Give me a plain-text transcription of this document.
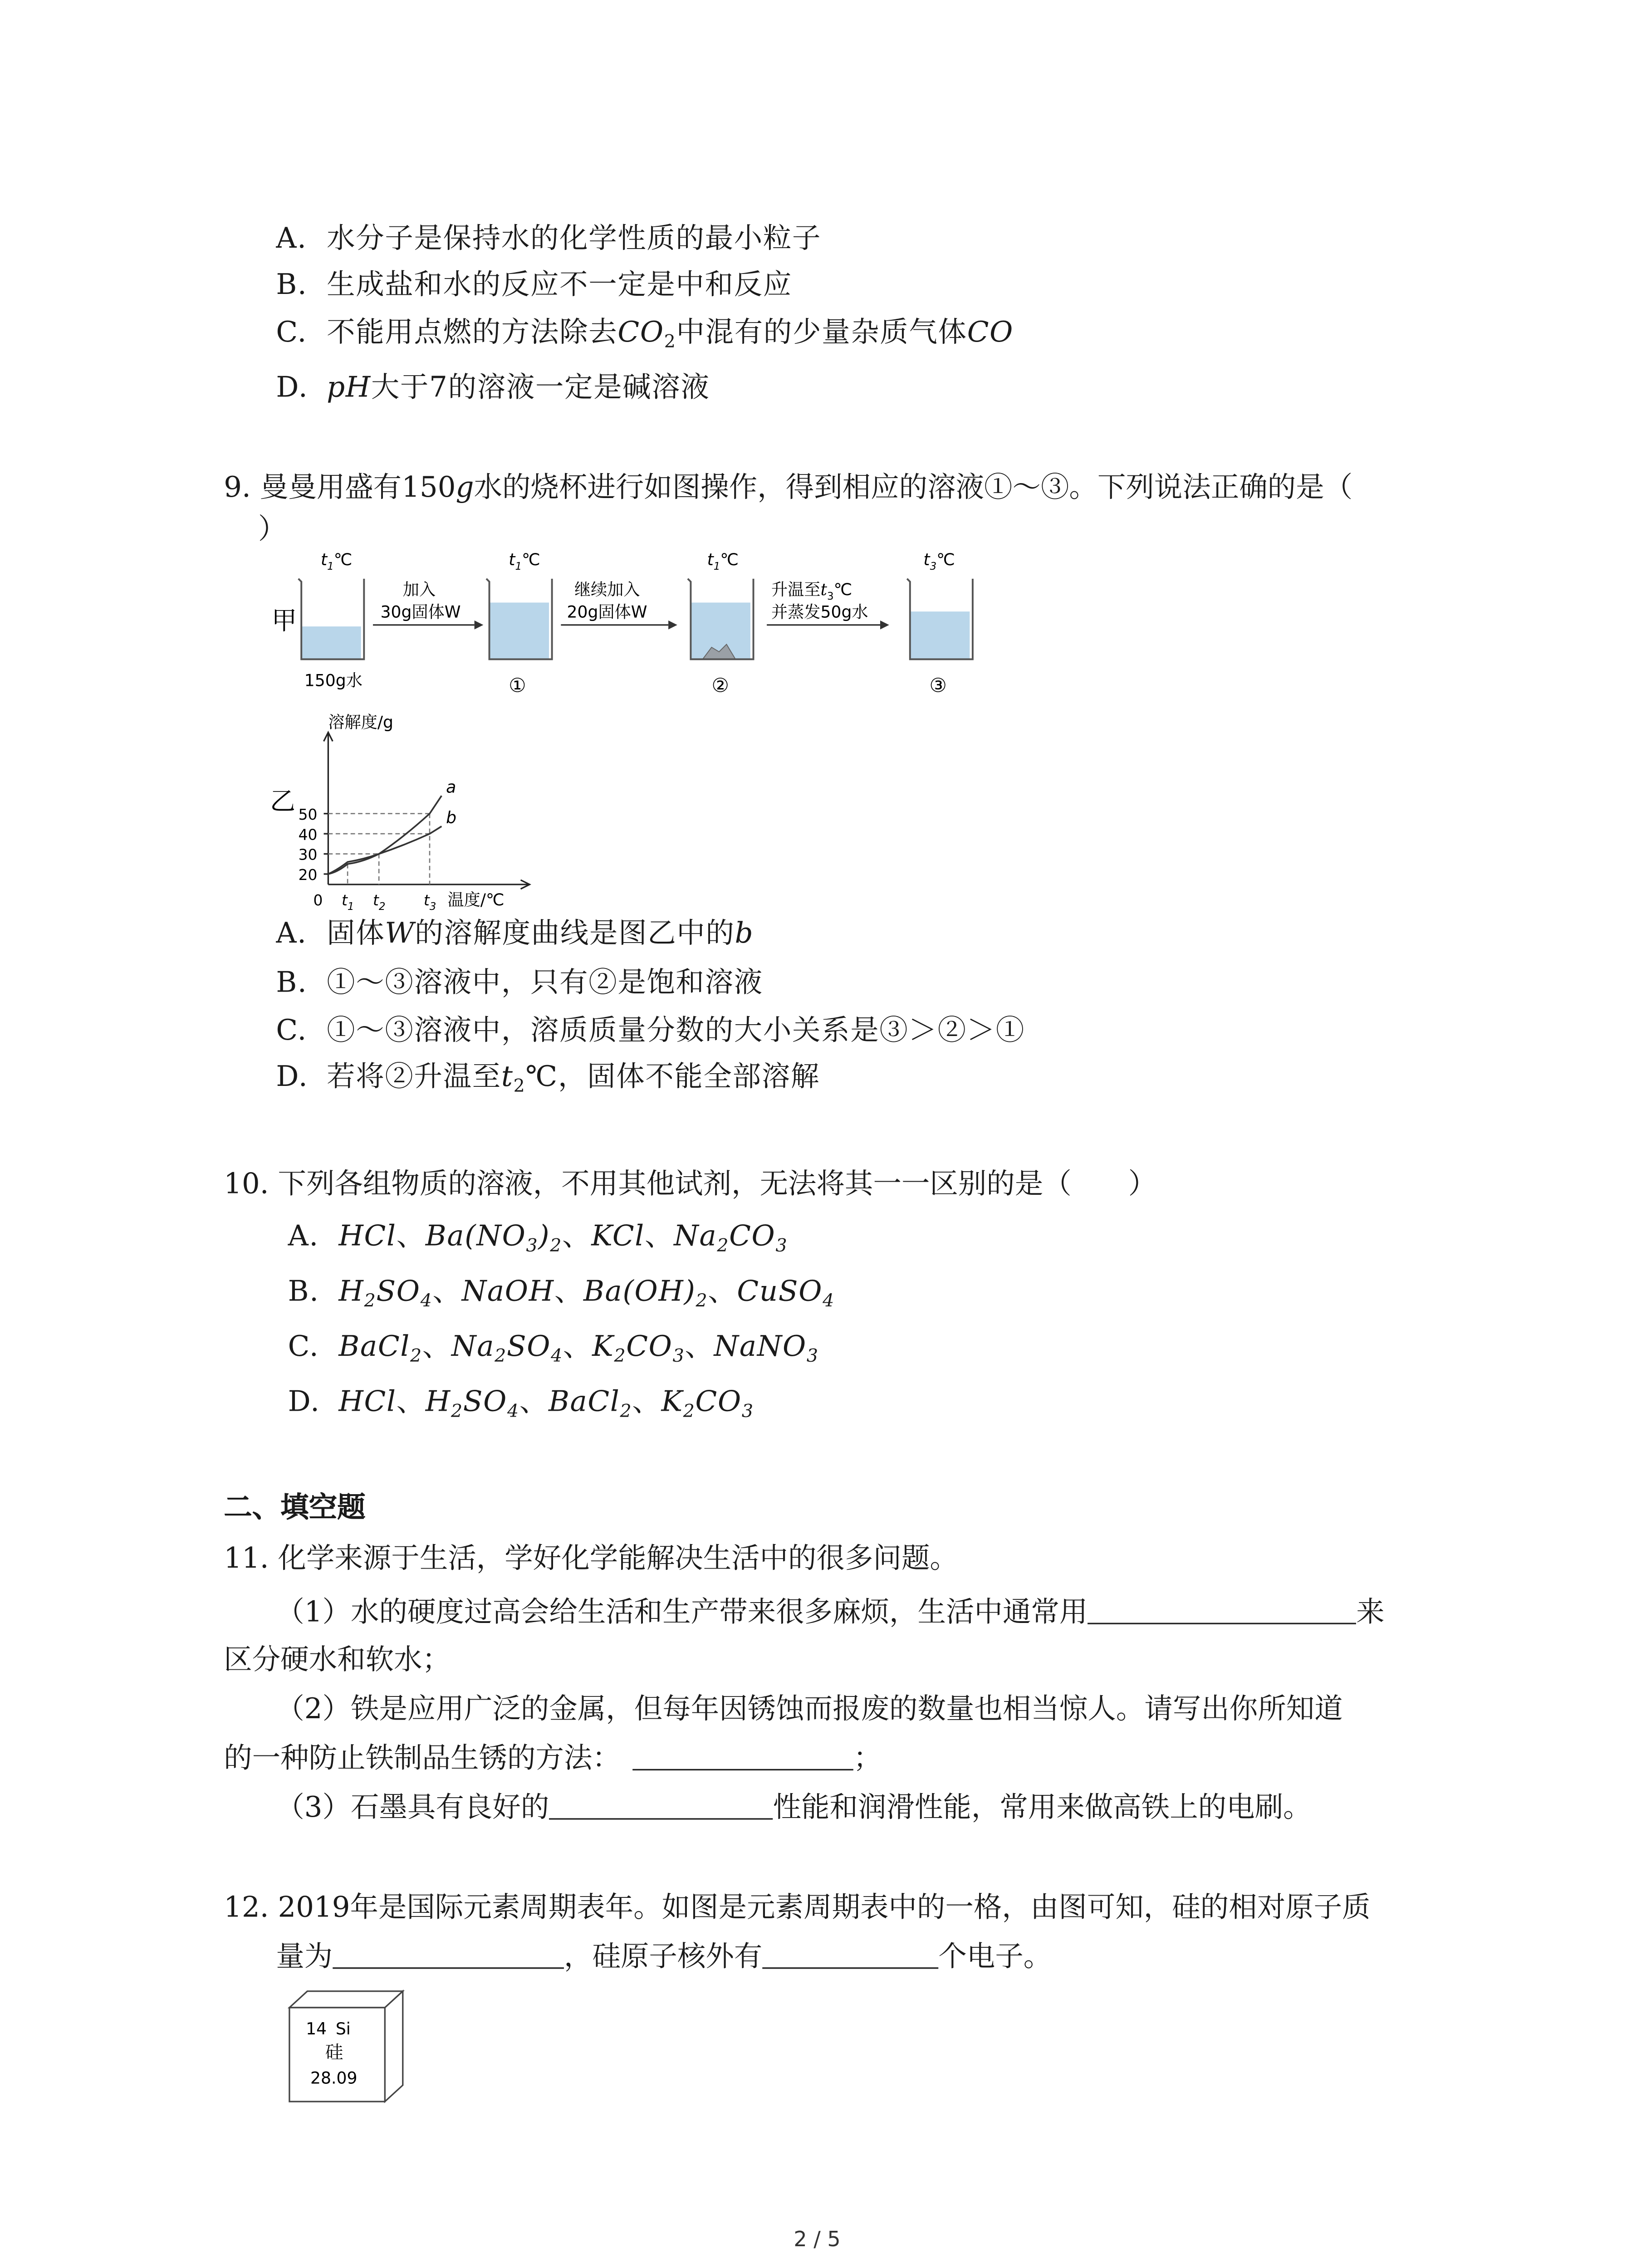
A. 水分子是保持水的化学性质的最小粒子
B. 生成盐和水的反应不一定是中和反应
C. 不能用点燃的方法除去$CO_2$中混有的少量杂质气体CO
D. pH大于7的溶液一定是碱溶液
9. 曼曼用盛有150g水的烧杯进行如图操作，得到相应的溶液①～③。下列说法正确的是（
）
甲
$t_1℃$
150g水
加入
30g固体W
$t_1℃$
①
继续加入
20g固体W
$t_1℃$
②
升温至$t_3℃$
并蒸发50g水
$t_3℃$
③
乙
溶解度/g
温度/℃
0
20
30
40
50
$t_1$	$t_2$	$t_3$
a
b
A. 固体W的溶解度曲线是图乙中的b
B. ①～③溶液中，只有②是饱和溶液
C. ①～③溶液中，溶质质量分数的大小关系是③＞②＞①
D. 若将②升温至$t_2℃$，固体不能全部溶解
10. 下列各组物质的溶液，不用其他试剂，无法将其一一区别的是（　　）
A. HCl、$Ba(NO_3)_2$、KCl、$Na_2CO_3$
B. $H_2SO_4$、NaOH、$Ba(OH)_2$、CuSO$_4$
C. BaCl$_2$、$Na_2SO_4$、$K_2CO_3$、NaNO$_3$
D. HCl、$H_2SO_4$、BaCl$_2$、$K_2CO_3$
二、填空题
11. 化学来源于生活，学好化学能解决生活中的很多问题。
（1）水的硬度过高会给生活和生产带来很多麻烦，生活中通常用	来
区分硬水和软水；
（2）铁是应用广泛的金属，但每年因锈蚀而报废的数量也相当惊人。请写出你所知道
的一种防止铁制品生锈的方法：	；
（3）石墨具有良好的	性能和润滑性能，常用来做高铁上的电刷。
12. 2019年是国际元素周期表年。如图是元素周期表中的一格，由图可知，硅的相对原子质
量为	，硅原子核外有	个电子。
14 Si
硅
28.09
2 / 5
